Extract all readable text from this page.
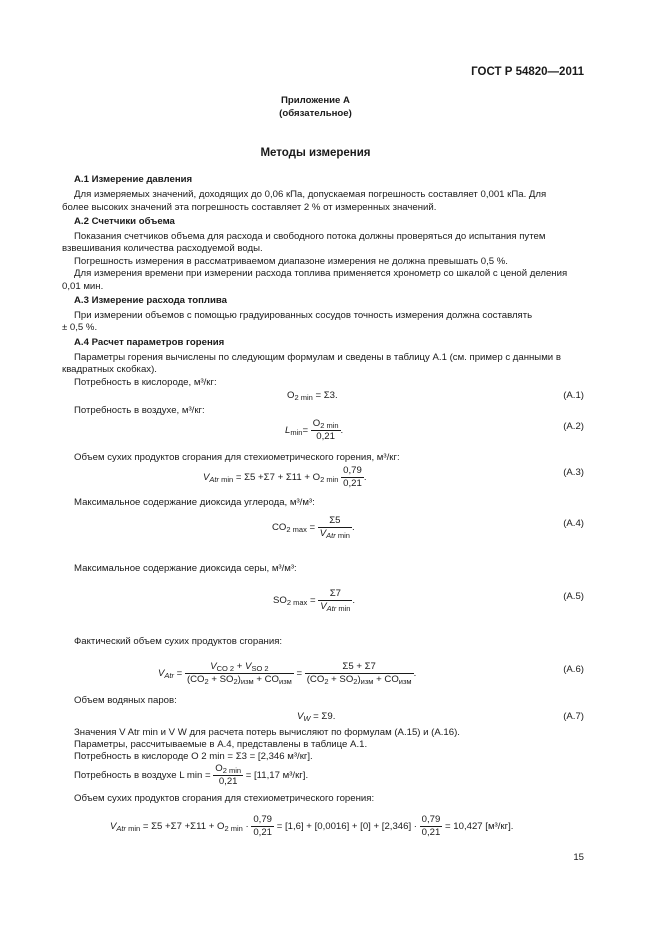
ГОСТ Р 54820—2011
Приложение А
(обязательное)
Методы измерения
А.1 Измерение давления
Для измеряемых значений, доходящих до 0,06 кПа, допускаемая погрешность составляет 0,001 кПа. Для
более высоких значений эта погрешность составляет 2 % от измеренных значений.
А.2 Счетчики объема
Показания счетчиков объема для расхода и свободного потока должны проверяться до испытания путем
взвешивания количества расходуемой воды.
Погрешность измерения в рассматриваемом диапазоне измерения не должна превышать 0,5 %.
Для измерения времени при измерении расхода топлива применяется хронометр со шкалой с ценой деления
0,01 мин.
А.3 Измерение расхода топлива
При измерении объемов с помощью градуированных сосудов точность измерения должна составлять
± 0,5 %.
А.4 Расчет параметров горения
Параметры горения вычислены по следующим формулам и сведены в таблицу А.1 (см. пример с данными в
квадратных скобках).
Потребность в кислороде, м³/кг:
$O_{2 min} = \Sigma 3$.	(А.1)
Потребность в воздухе, м³/кг:
$L_{min}= \frac{O_{2 min}}{0,21}$ .	(А.2)
Объем сухих продуктов сгорания для стехиометрического горения, м³/кг:
$V_{Atr}$ $_{min} = \Sigma 5 +\Sigma 7 + \Sigma 11 + O_{2 min} \frac{0,79}{0,21}$ .	(А.3)
Максимальное содержание диоксида углерода, м³/м³:
$CO_{2 max} = \frac{\Sigma 5}{V_{Atr} _{min}}$ .	(А.4)
Максимальное содержание диоксида серы, м³/м³:
$SO_{2 max} = \frac{\Sigma 7}{V_{Atr} _{min}}$ .	(А.5)
Фактический объем сухих продуктов сгорания:
$V_{Atr} = \frac{V_{CO 2} + V_{SO 2}}{(CO_2 + SO_2)_{изм} + CO_{изм}} = \frac{\Sigma 5 + \Sigma 7}{(CO_2 + SO_2)_{изм} + CO_{изм}}$ .	(А.6)
Объем водяных паров:
$V_W = \Sigma 9$.	(А.7)
Значения V Atr min и V W для расчета потерь вычисляют по формулам (А.15) и (А.16).
Параметры, рассчитываемые в А.4, представлены в таблице А.1.
Потребность в кислороде O 2 min = Σ3 = [2,346 м³/кг].
Потребность в воздухе L $\min = \frac{O_{2 min}}{0,21} = [11,17$ м³/кг].
Объем сухих продуктов сгорания для стехиометрического горения:
$V_{Atr}$ $_{min} = \Sigma 5 +\Sigma 7 +\Sigma 11 + O_{2 min} \cdot \frac{0,79}{0,21} = [1,6] + [0,0016] + [0] + [2,346] \cdot \frac{0,79}{0,21} = 10,427$ [м³/кг].
15
